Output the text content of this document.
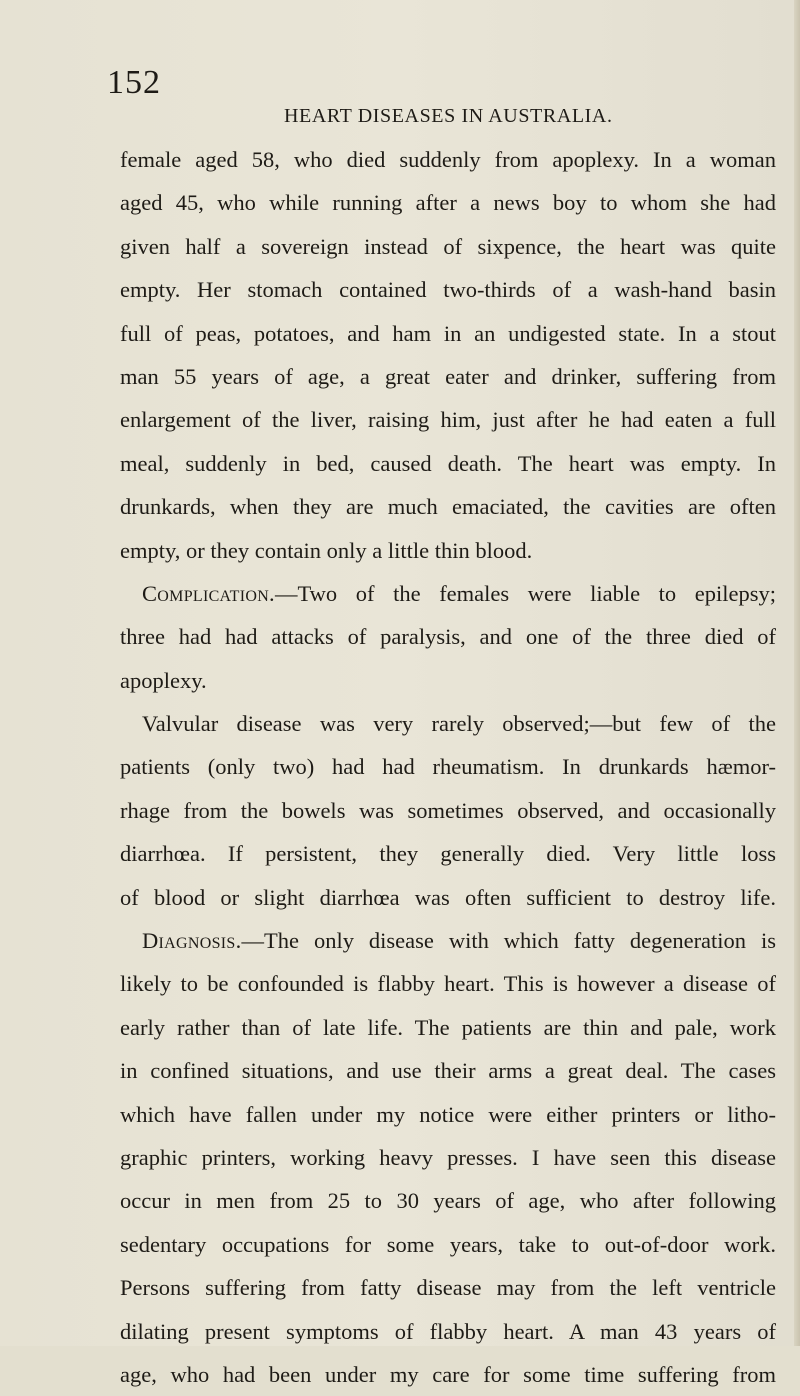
152
HEART DISEASES IN AUSTRALIA.
female aged 58, who died suddenly from apoplexy. In a woman
aged 45, who while running after a news boy to whom she had
given half a sovereign instead of sixpence, the heart was quite
empty. Her stomach contained two-thirds of a wash-hand basin
full of peas, potatoes, and ham in an undigested state. In a stout
man 55 years of age, a great eater and drinker, suffering from
enlargement of the liver, raising him, just after he had eaten a full
meal, suddenly in bed, caused death. The heart was empty. In
drunkards, when they are much emaciated, the cavities are often
empty, or they contain only a little thin blood.
Complication.—Two of the females were liable to epilepsy;
three had had attacks of paralysis, and one of the three died of
apoplexy.
Valvular disease was very rarely observed;—but few of the
patients (only two) had had rheumatism. In drunkards hæmor-
rhage from the bowels was sometimes observed, and occasionally
diarrhœa. If persistent, they generally died. Very little loss
of blood or slight diarrhœa was often sufficient to destroy life.
Diagnosis.—The only disease with which fatty degeneration is
likely to be confounded is flabby heart. This is however a disease of
early rather than of late life. The patients are thin and pale, work
in confined situations, and use their arms a great deal. The cases
which have fallen under my notice were either printers or litho-
graphic printers, working heavy presses. I have seen this disease
occur in men from 25 to 30 years of age, who after following
sedentary occupations for some years, take to out-of-door work.
Persons suffering from fatty disease may from the left ventricle
dilating present symptoms of flabby heart. A man 43 years of
age, who had been under my care for some time suffering from
